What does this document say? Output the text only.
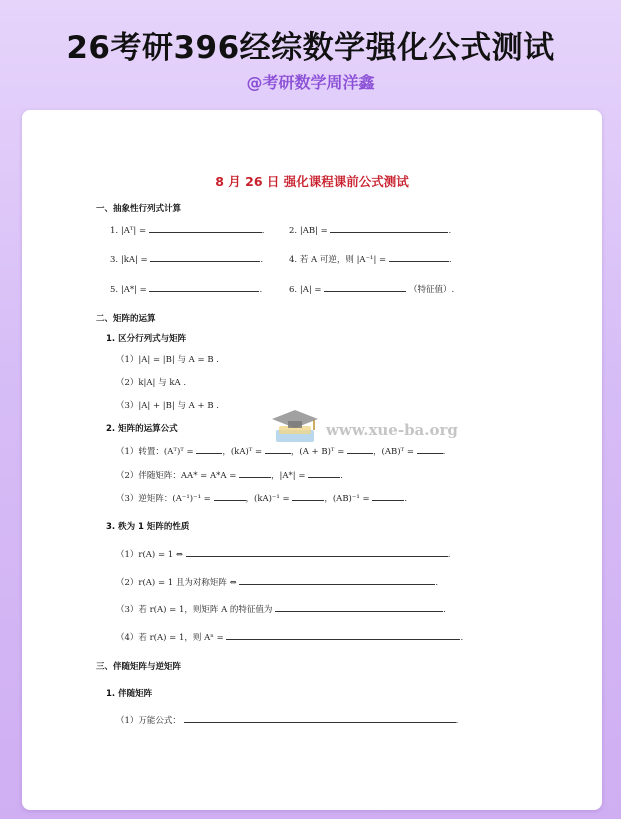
26考研396经综数学强化公式测试
@考研数学周洋鑫
8 月 26 日 强化课程课前公式测试
一、抽象性行列式计算
1. |Aᵀ| =	.	2. |AB| =	.
3. |kA| =	.	4. 若 A 可逆，则 |A⁻¹| =	.
5. |A*| =	.	6. |A| =	（特征值）.
二、矩阵的运算
1. 区分行列式与矩阵
（1）|A| = |B| 与 A = B .
（2）k|A| 与 kA .
（3）|A| + |B| 与 A + B .
2. 矩阵的运算公式
（1）转置：(Aᵀ)ᵀ =	，(kA)ᵀ =	，(A + B)ᵀ =	，(AB)ᵀ =	.
（2）伴随矩阵：AA* = A*A =	，|A*| =	.
（3）逆矩阵：(A⁻¹)⁻¹ =	，(kA)⁻¹ =	，(AB)⁻¹ =	.
3. 秩为 1 矩阵的性质
（1）r(A) = 1 ⇔	.
（2）r(A) = 1 且为对称矩阵 ⇔	.
（3）若 r(A) = 1，则矩阵 A 的特征值为	.
（4）若 r(A) = 1，则 Aⁿ =	.
三、伴随矩阵与逆矩阵
1. 伴随矩阵
（1）万能公式：	.
www.xue-ba.org
